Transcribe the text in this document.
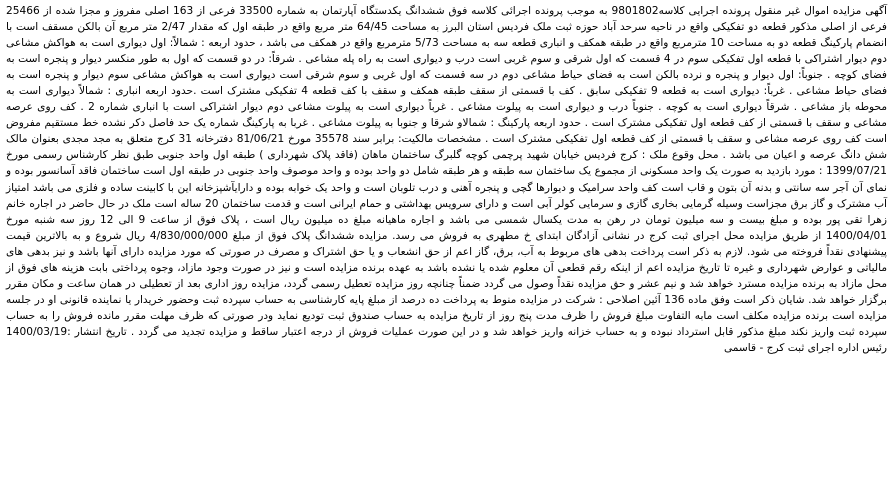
آگهی مزایده اموال غیر منقول پرونده اجرایی کلاسه9801802 به موجب پرونده اجرائی کلاسه فوق ششدانگ یکدستگاه آپارتمان به شماره 33500 فرعی از 163 اصلی مفروز و مجزا شده از 25466 فرعی از اصلی مذکور قطعه دو تفکیکی واقع در ناحیه سرحد آباد حوزه ثبت ملک فردیس استان البرز به مساحت 64/45 متر مربع واقع در طبقه اول که مقدار 2/47 متر مربع آن بالکن مسقف است با انضمام پارکینگ قطعه دو به مساحت 10 مترمربع واقع در طبقه همکف و انباری قطعه سه به مساحت 5/73 مترمربع واقع در همکف می باشد ، حدود اربعه : شمالاً: اول دیواری است به هواکش مشاعی دوم دیوار اشتراکی با قطعه اول تفکیکی سوم در 4 قسمت که اول شرقی و سوم غربی است درب و دیواری است به راه پله مشاعی . شرقاً: در دو قسمت که اول به طور منکسر دیوار و پنجره است به فضای کوچه . جنوباً: اول دیوار و پنجره و نرده بالکن است به فضای حیاط مشاعی دوم در سه قسمت که اول غربی و سوم شرقی است دیواری است به هواکش مشاعی سوم دیوار و پنجره است به فضای حیاط مشاعی . غرباً: دیواری است به قطعه 9 تفکیکی سابق . کف با قسمتی از سقف طبقه همکف و سقف با کف قطعه 4 تفکیکی مشترک است .حدود اربعه انباری : شمالاً دیواری است به محوطه باز مشاعی . شرقاً دیواری است به کوچه . جنوباً درب و دیواری است به پیلوت مشاعی . غرباً دیواری است به پیلوت مشاعی دوم دیوار اشتراکی است با انباری شماره 2 . کف روی عرصه مشاعی و سقف با قسمتی از کف قطعه اول تفکیکی مشترک است . حدود اربعه پارکینگ : شمالاو شرقا و جنوبا به پیلوت مشاعی . غربا به پارکینگ شماره یک حد فاصل دکر نشده خط مستقیم مفروض است کف روی عرصه مشاعی و سقف با قسمتی از کف قطعه اول تفکیکی مشترک است . مشخصات مالکیت: برابر سند 35578 مورخ 81/06/21 دفترخانه 31 کرج متعلق به مجد مجدی بعنوان مالک شش دانگ عرصه و اعیان می باشد . محل وقوع ملک : کرج فردیس خیابان شهید پرچمی کوچه گلبرگ ساختمان ماهان (فاقد پلاک شهرداری ) طبقه اول واحد جنوبی طبق نظر کارشناس رسمی مورخ 1399/07/21 : مورد بازدید به صورت یک واحد مسکونی از مجموع یک ساختمان سه طبقه و هر طبقه شامل دو واحد بوده و واحد موصوف واحد جنوبی در طبقه اول است ساختمان فاقد آسانسور بوده و نمای آن آجر سه سانتی و بدنه آن بتون و قاب است کف واحد سرامیک و دیوارها گچی و پنجره آهنی و درب تلوبان است و واحد یک خوابه بوده و دارایآشپزخانه این با کابینت ساده و فلزی می باشد امتیاز آب مشترک و گاز برق مجزاست وسیله گرمایی بخاری گازی و سرمایی کولر آبی است و دارای سرویس بهداشتی و حمام ایرانی است و قدمت ساختمان 20 ساله است ملک در حال حاضر در اجاره خانم زهرا تقی پور بوده و مبلغ بیست و سه میلیون تومان در رهن به مدت یکسال شمسی می باشد و اجاره ماهیانه مبلغ ده میلیون ریال است ، پلاک فوق از ساعت 9 الی 12 روز سه شنبه مورخ 1400/04/01 از طریق مزایده محل اجرای ثبت کرج در نشانی آزادگان ابتدای خ مطهری به فروش می رسد. مزایده ششدانگ پلاک فوق از مبلغ 4/830/000/000 ریال شروع و به بالاترین قیمت پیشنهادی نقداً فروخته می شود. لازم به ذکر است پرداخت بدهی های مربوط به آب، برق، گاز اعم از حق انشعاب و یا حق اشتراک و مصرف در صورتی که مورد مزایده دارای آنها باشد و نیز بدهی های مالیاتی و عوارض شهرداری و غیره تا تاریخ مزایده اعم از اینکه رقم قطعی آن معلوم شده یا نشده باشد به عهده برنده مزایده است و نیز در صورت وجود مازاد، وجوه پرداختی بابت هزینه های فوق از محل مازاد به برنده مزایده مسترد خواهد شد و نیم عشر و حق مزایده نقداً وصول می گردد ضمناً چنانچه روز مزایده تعطیل رسمی گردد، مزایده روز اداری بعد از تعطیلی در همان ساعت و مکان مقرر برگزار خواهد شد. شایان ذکر است وفق ماده 136 آئین اصلاحی : شرکت در مزایده منوط به پرداخت ده درصد از مبلغ پایه کارشناسی به حساب سپرده ثبت وحضور خریدار یا نماینده قانونی او در جلسه مزایده است برنده مزایده مکلف است مابه التفاوت مبلغ فروش را ظرف مدت پنج روز از تاریخ مزایده به حساب صندوق ثبت تودیع نماید ودر صورتی که ظرف مهلت مقرر مانده فروش را به حساب سپرده ثبت واریز نکند مبلغ مذکور قابل استرداد نبوده و به حساب خزانه واریز خواهد شد و در این صورت عملیات فروش از درجه اعتبار ساقط و مزایده تجدید می گردد . تاریخ انتشار :1400/03/19 رئیس اداره اجرای ثبت کرج - قاسمی
